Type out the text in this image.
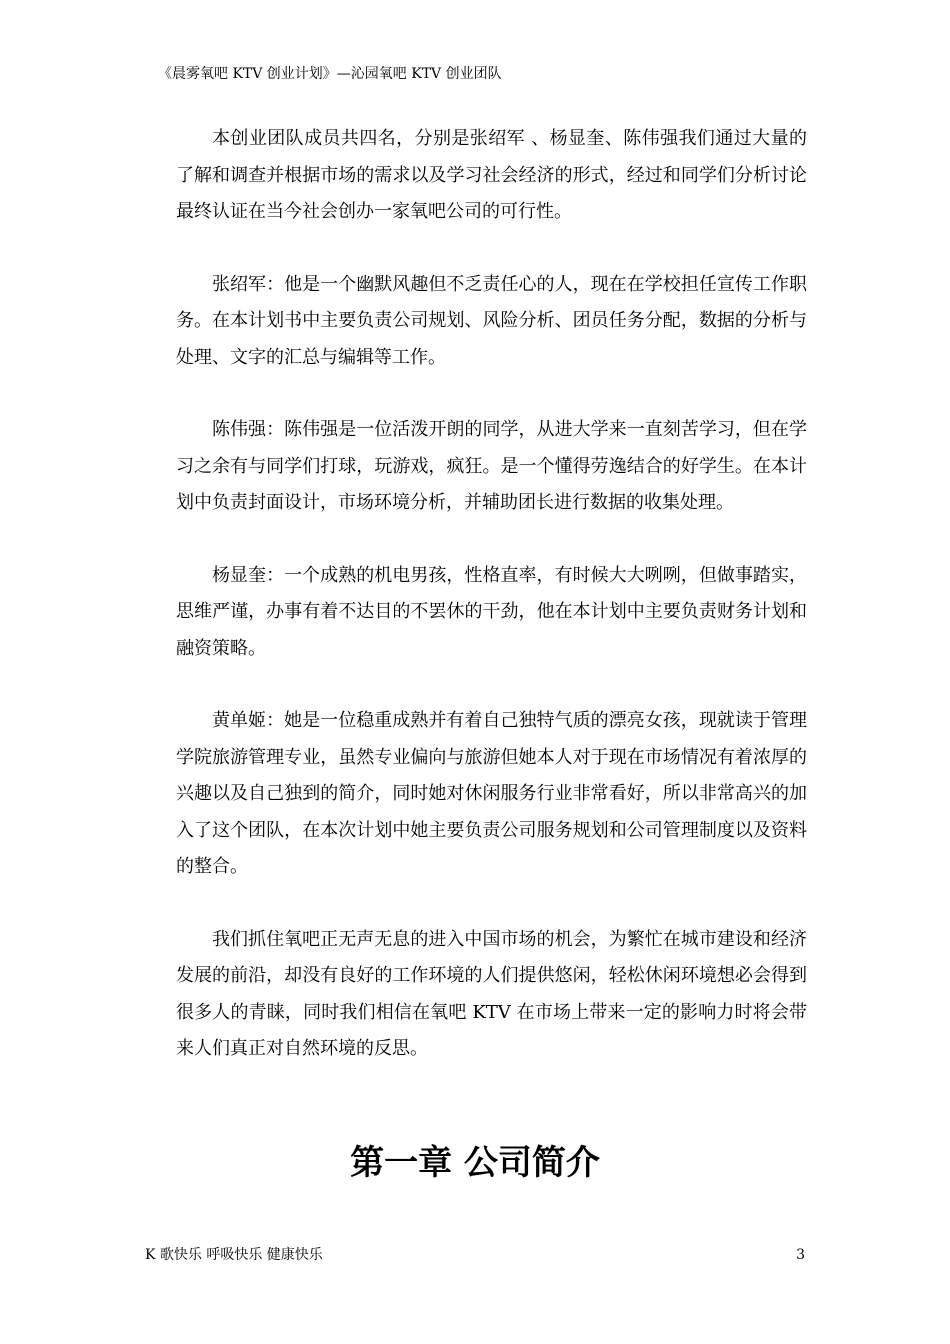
《晨雾氧吧 KTV 创业计划》—沁园氧吧 KTV 创业团队

本创业团队成员共四名，分别是张绍军 、杨显奎、陈伟强我们通过大量的了解和调查并根据市场的需求以及学习社会经济的形式，经过和同学们分析讨论最终认证在当今社会创办一家氧吧公司的可行性。

张绍军：他是一个幽默风趣但不乏责任心的人，现在在学校担任宣传工作职务。在本计划书中主要负责公司规划、风险分析、团员任务分配，数据的分析与处理、文字的汇总与编辑等工作。

陈伟强：陈伟强是一位活泼开朗的同学，从进大学来一直刻苦学习，但在学习之余有与同学们打球，玩游戏，疯狂。是一个懂得劳逸结合的好学生。在本计划中负责封面设计，市场环境分析，并辅助团长进行数据的收集处理。

杨显奎：一个成熟的机电男孩，性格直率，有时候大大咧咧，但做事踏实，思维严谨，办事有着不达目的不罢休的干劲，他在本计划中主要负责财务计划和融资策略。

黄单姬：她是一位稳重成熟并有着自己独特气质的漂亮女孩，现就读于管理学院旅游管理专业，虽然专业偏向与旅游但她本人对于现在市场情况有着浓厚的兴趣以及自己独到的简介，同时她对休闲服务行业非常看好，所以非常高兴的加入了这个团队，在本次计划中她主要负责公司服务规划和公司管理制度以及资料的整合。

我们抓住氧吧正无声无息的进入中国市场的机会，为繁忙在城市建设和经济发展的前沿，却没有良好的工作环境的人们提供悠闲，轻松休闲环境想必会得到很多人的青睐，同时我们相信在氧吧 KTV 在市场上带来一定的影响力时将会带来人们真正对自然环境的反思。

第一章 公司简介
K 歌快乐 呼吸快乐 健康快乐	3
